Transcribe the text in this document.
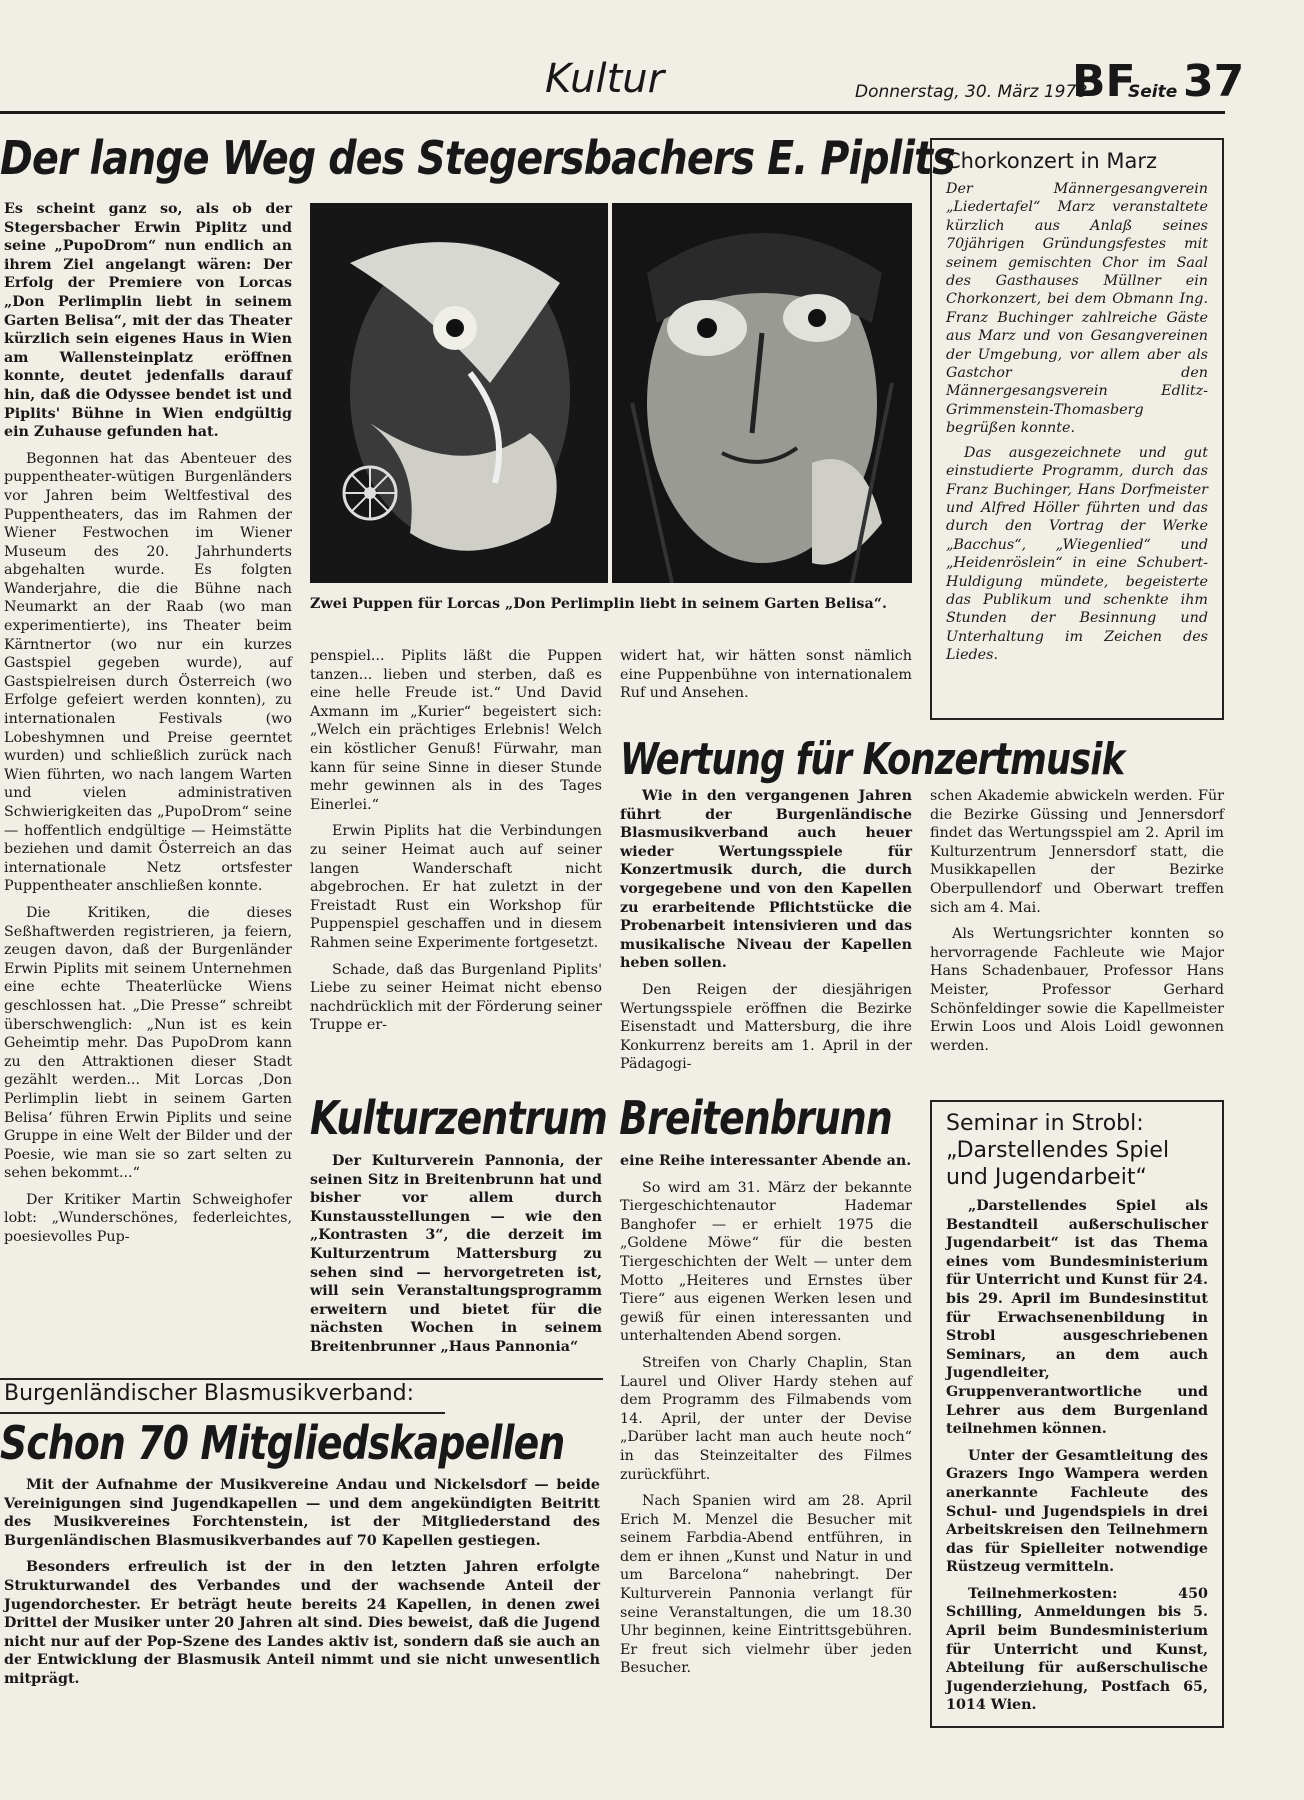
Kultur	Donnerstag, 30. März 1978
BF
Seite 37
Der lange Weg des Stegersbachers E. Piplits

Es scheint ganz so, als ob der Stegersbacher Erwin Piplitz und seine „PupoDrom“ nun endlich an ihrem Ziel angelangt wären: Der Erfolg der Premiere von Lorcas „Don Perlimplin liebt in seinem Garten Belisa“, mit der das Theater kürzlich sein eigenes Haus in Wien am Wallensteinplatz eröffnen konnte, deutet jedenfalls darauf hin, daß die Odyssee bendet ist und Piplits' Bühne in Wien endgültig ein Zuhause gefunden hat.

Begonnen hat das Abenteuer des puppentheater-wütigen Burgenländers vor Jahren beim Weltfestival des Puppentheaters, das im Rahmen der Wiener Festwochen im Wiener Museum des 20. Jahrhunderts abgehalten wurde. Es folgten Wanderjahre, die die Bühne nach Neumarkt an der Raab (wo man experimentierte), ins Theater beim Kärntnertor (wo nur ein kurzes Gastspiel gegeben wurde), auf Gastspielreisen durch Österreich (wo Erfolge gefeiert werden konnten), zu internationalen Festivals (wo Lobeshymnen und Preise geerntet wurden) und schließlich zurück nach Wien führten, wo nach langem Warten und vielen administrativen Schwierigkeiten das „PupoDrom“ seine — hoffentlich endgültige — Heimstätte beziehen und damit Österreich an das internationale Netz ortsfester Puppentheater anschließen konnte.

Die Kritiken, die dieses Seßhaftwerden registrieren, ja feiern, zeugen davon, daß der Burgenländer Erwin Piplits mit seinem Unternehmen eine echte Theaterlücke Wiens geschlossen hat. „Die Presse“ schreibt überschwenglich: „Nun ist es kein Geheimtip mehr. Das PupoDrom kann zu den Attraktionen dieser Stadt gezählt werden... Mit Lorcas ‚Don Perlimplin liebt in seinem Garten Belisa‘ führen Erwin Piplits und seine Gruppe in eine Welt der Bilder und der Poesie, wie man sie so zart selten zu sehen bekommt...“

Der Kritiker Martin Schweighofer lobt: „Wunderschönes, federleichtes, poesievolles Pup-

Zwei Puppen für Lorcas „Don Perlimplin liebt in seinem Garten Belisa“.

penspiel... Piplits läßt die Puppen tanzen... lieben und sterben, daß es eine helle Freude ist.“ Und David Axmann im „Kurier“ begeistert sich: „Welch ein prächtiges Erlebnis! Welch ein köstlicher Genuß! Fürwahr, man kann für seine Sinne in dieser Stunde mehr gewinnen als in des Tages Einerlei.“

Erwin Piplits hat die Verbindungen zu seiner Heimat auch auf seiner langen Wanderschaft nicht abgebrochen. Er hat zuletzt in der Freistadt Rust ein Workshop für Puppenspiel geschaffen und in diesem Rahmen seine Experimente fortgesetzt.

Schade, daß das Burgenland Piplits' Liebe zu seiner Heimat nicht ebenso nachdrücklich mit der Förderung seiner Truppe er-

widert hat, wir hätten sonst nämlich eine Puppenbühne von internationalem Ruf und Ansehen.

Chorkonzert in Marz

Der Männergesangverein „Liedertafel“ Marz veranstaltete kürzlich aus Anlaß seines 70jährigen Gründungsfestes mit seinem gemischten Chor im Saal des Gasthauses Müllner ein Chorkonzert, bei dem Obmann Ing. Franz Buchinger zahlreiche Gäste aus Marz und von Gesangvereinen der Umgebung, vor allem aber als Gastchor den Männergesangsverein Edlitz-Grimmenstein-Thomasberg begrüßen konnte.

Das ausgezeichnete und gut einstudierte Programm, durch das Franz Buchinger, Hans Dorfmeister und Alfred Höller führten und das durch den Vortrag der Werke „Bacchus“, „Wiegenlied“ und „Heidenröslein“ in eine Schubert-Huldigung mündete, begeisterte das Publikum und schenkte ihm Stunden der Besinnung und Unterhaltung im Zeichen des Liedes.

Wertung für Konzertmusik

Wie in den vergangenen Jahren führt der Burgenländische Blasmusikverband auch heuer wieder Wertungsspiele für Konzertmusik durch, die durch vorgegebene und von den Kapellen zu erarbeitende Pflichtstücke die Probenarbeit intensivieren und das musikalische Niveau der Kapellen heben sollen.

Den Reigen der diesjährigen Wertungsspiele eröffnen die Bezirke Eisenstadt und Mattersburg, die ihre Konkurrenz bereits am 1. April in der Pädagogi-

schen Akademie abwickeln werden. Für die Bezirke Güssing und Jennersdorf findet das Wertungsspiel am 2. April im Kulturzentrum Jennersdorf statt, die Musikkapellen der Bezirke Oberpullendorf und Oberwart treffen sich am 4. Mai.

Als Wertungsrichter konnten so hervorragende Fachleute wie Major Hans Schadenbauer, Professor Hans Meister, Professor Gerhard Schönfeldinger sowie die Kapellmeister Erwin Loos und Alois Loidl gewonnen werden.

Kulturzentrum Breitenbrunn

Der Kulturverein Pannonia, der seinen Sitz in Breitenbrunn hat und bisher vor allem durch Kunstausstellungen — wie den „Kontrasten 3“, die derzeit im Kulturzentrum Mattersburg zu sehen sind — hervorgetreten ist, will sein Veranstaltungsprogramm erweitern und bietet für die nächsten Wochen in seinem Breitenbrunner „Haus Pannonia“

eine Reihe interessanter Abende an.

So wird am 31. März der bekannte Tiergeschichtenautor Hademar Banghofer — er erhielt 1975 die „Goldene Möwe“ für die besten Tiergeschichten der Welt — unter dem Motto „Heiteres und Ernstes über Tiere“ aus eigenen Werken lesen und gewiß für einen interessanten und unterhaltenden Abend sorgen.

Streifen von Charly Chaplin, Stan Laurel und Oliver Hardy stehen auf dem Programm des Filmabends vom 14. April, der unter der Devise „Darüber lacht man auch heute noch“ in das Steinzeitalter des Filmes zurückführt.

Nach Spanien wird am 28. April Erich M. Menzel die Besucher mit seinem Farbdia-Abend entführen, in dem er ihnen „Kunst und Natur in und um Barcelona“ nahebringt. Der Kulturverein Pannonia verlangt für seine Veranstaltungen, die um 18.30 Uhr beginnen, keine Eintrittsgebühren. Er freut sich vielmehr über jeden Besucher.

Burgenländischer Blasmusikverband:
Schon 70 Mitgliedskapellen

Mit der Aufnahme der Musikvereine Andau und Nickelsdorf — beide Vereinigungen sind Jugendkapellen — und dem angekündigten Beitritt des Musikvereines Forchtenstein, ist der Mitgliederstand des Burgenländischen Blasmusikverbandes auf 70 Kapellen gestiegen.

Besonders erfreulich ist der in den letzten Jahren erfolgte Strukturwandel des Verbandes und der wachsende Anteil der Jugendorchester. Er beträgt heute bereits 24 Kapellen, in denen zwei Drittel der Musiker unter 20 Jahren alt sind. Dies beweist, daß die Jugend nicht nur auf der Pop-Szene des Landes aktiv ist, sondern daß sie auch an der Entwicklung der Blasmusik Anteil nimmt und sie nicht unwesentlich mitprägt.

Seminar in Strobl: „Darstellendes Spiel und Jugendarbeit“

„Darstellendes Spiel als Bestandteil außerschulischer Jugendarbeit“ ist das Thema eines vom Bundesministerium für Unterricht und Kunst für 24. bis 29. April im Bundesinstitut für Erwachsenenbildung in Strobl ausgeschriebenen Seminars, an dem auch Jugendleiter, Gruppenverantwortliche und Lehrer aus dem Burgenland teilnehmen können.

Unter der Gesamtleitung des Grazers Ingo Wampera werden anerkannte Fachleute des Schul- und Jugendspiels in drei Arbeitskreisen den Teilnehmern das für Spielleiter notwendige Rüstzeug vermitteln.

Teilnehmerkosten: 450 Schilling, Anmeldungen bis 5. April beim Bundesministerium für Unterricht und Kunst, Abteilung für außerschulische Jugenderziehung, Postfach 65, 1014 Wien.
